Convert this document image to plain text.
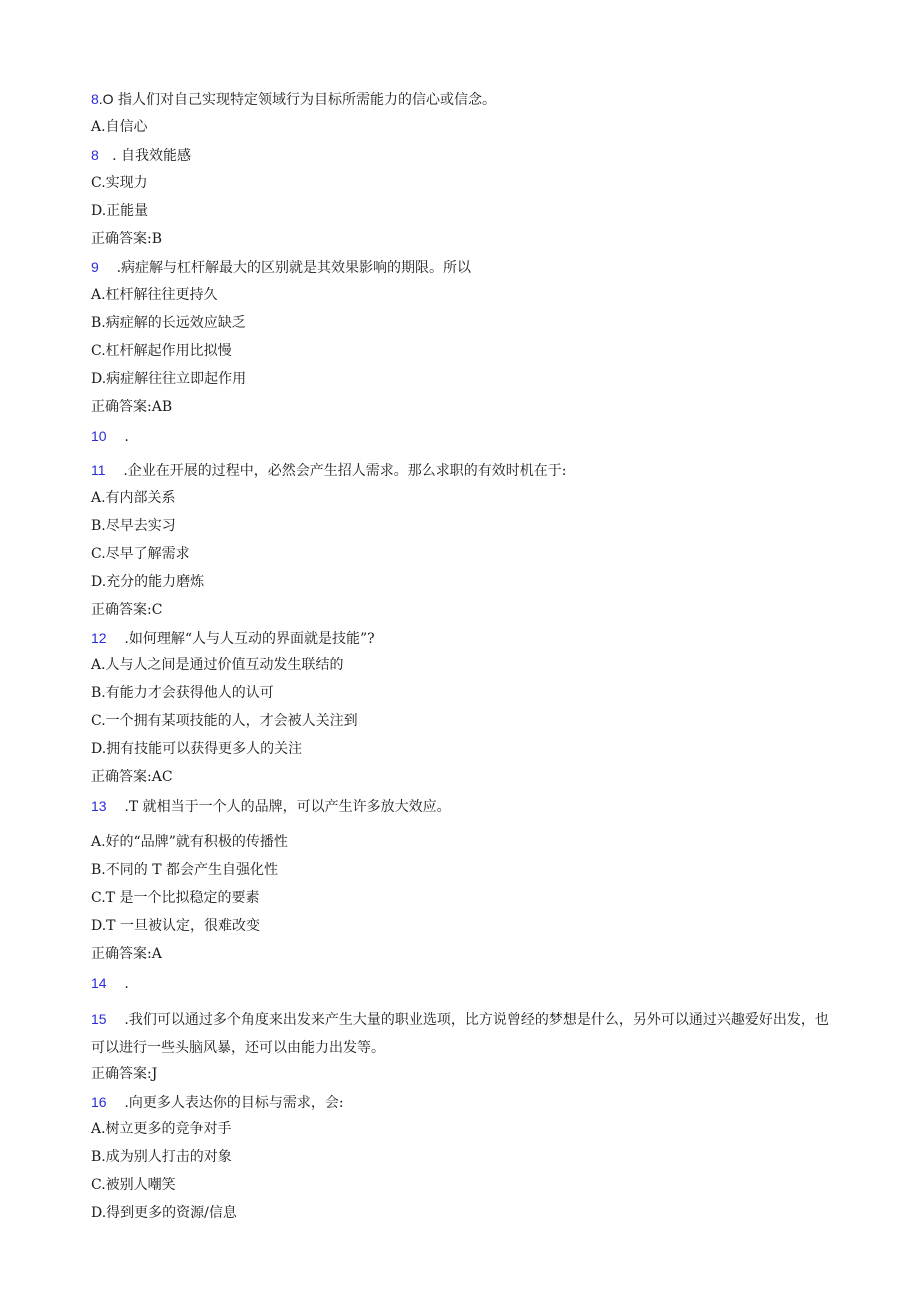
8.O 指人们对自己实现特定领域行为目标所需能力的信心或信念。
A.自信心
8 . 自我效能感
C.实现力
D.正能量
正确答案:B
9 .病症解与杠杆解最大的区别就是其效果影响的期限。所以
A.杠杆解往往更持久
B.病症解的长远效应缺乏
C.杠杆解起作用比拟慢
D.病症解往往立即起作用
正确答案:AB
10 .
11 .企业在开展的过程中，必然会产生招人需求。那么求职的有效时机在于:
A.有内部关系
B.尽早去实习
C.尽早了解需求
D.充分的能力磨炼
正确答案:C
12 .如何理解“人与人互动的界面就是技能”?
A.人与人之间是通过价值互动发生联结的
B.有能力才会获得他人的认可
C.一个拥有某项技能的人，才会被人关注到
D.拥有技能可以获得更多人的关注
正确答案:AC
13 .T 就相当于一个人的品牌，可以产生许多放大效应。
A.好的“品牌”就有积极的传播性
B.不同的 T 都会产生自强化性
C.T 是一个比拟稳定的要素
D.T 一旦被认定，很难改变
正确答案:A
14 .
15 .我们可以通过多个角度来出发来产生大量的职业选项，比方说曾经的梦想是什么，另外可以通过兴趣爱好出发，也可以进行一些头脑风暴，还可以由能力出发等。
正确答案:J
16 .向更多人表达你的目标与需求，会:
A.树立更多的竞争对手
B.成为别人打击的对象
C.被别人嘲笑
D.得到更多的资源/信息
